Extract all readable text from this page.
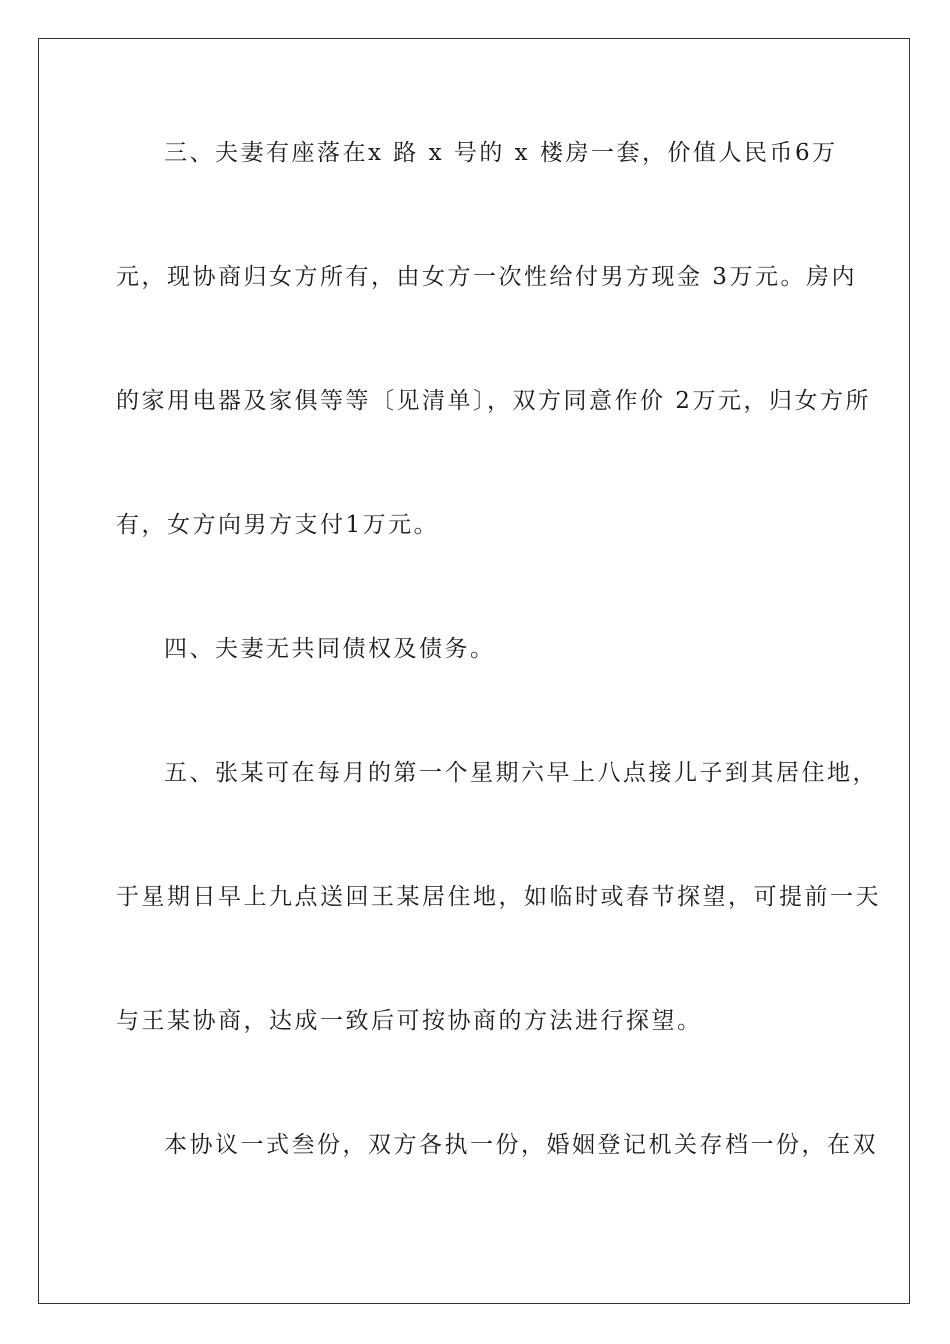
三、夫妻有座落在x 路 x 号的 x 楼房一套，价值人民币6万
元，现协商归女方所有，由女方一次性给付男方现金 3万元。房内
的家用电器及家俱等等〔见清单〕，双方同意作价 2万元，归女方所
有，女方向男方支付1万元。
四、夫妻无共同债权及债务。
五、张某可在每月的第一个星期六早上八点接儿子到其居住地，
于星期日早上九点送回王某居住地，如临时或春节探望，可提前一天
与王某协商，达成一致后可按协商的方法进行探望。
本协议一式叁份，双方各执一份，婚姻登记机关存档一份，在双
